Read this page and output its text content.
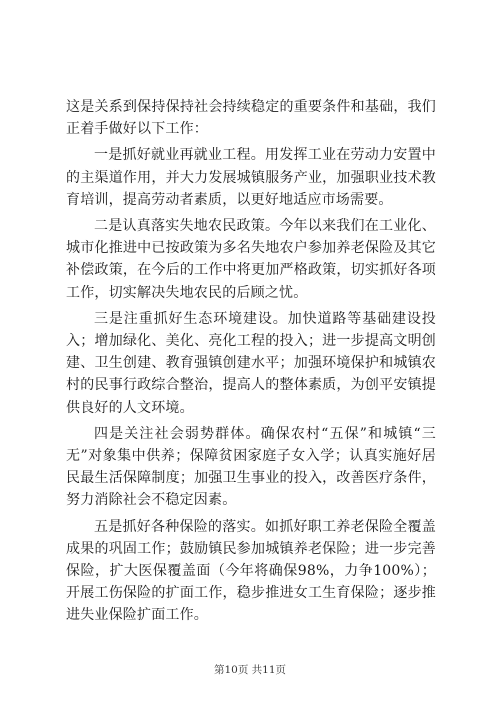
这是关系到保持保持社会持续稳定的重要条件和基础，我们正着手做好以下工作：

一是抓好就业再就业工程。用发挥工业在劳动力安置中的主渠道作用，并大力发展城镇服务产业，加强职业技术教育培训，提高劳动者素质，以更好地适应市场需要。

二是认真落实失地农民政策。今年以来我们在工业化、城市化推进中已按政策为多名失地农户参加养老保险及其它补偿政策，在今后的工作中将更加严格政策，切实抓好各项工作，切实解决失地农民的后顾之忧。

三是注重抓好生态环境建设。加快道路等基础建设投入；增加绿化、美化、亮化工程的投入；进一步提高文明创建、卫生创建、教育强镇创建水平；加强环境保护和城镇农村的民事行政综合整治，提高人的整体素质，为创平安镇提供良好的人文环境。

四是关注社会弱势群体。确保农村“五保”和城镇“三无”对象集中供养；保障贫困家庭子女入学；认真实施好居民最生活保障制度；加强卫生事业的投入，改善医疗条件，努力消除社会不稳定因素。

五是抓好各种保险的落实。如抓好职工养老保险全覆盖成果的巩固工作；鼓励镇民参加城镇养老保险；进一步完善保险，扩大医保覆盖面（今年将确保98%，力争100%）；开展工伤保险的扩面工作，稳步推进女工生育保险；逐步推进失业保险扩面工作。

第10页 共11页
